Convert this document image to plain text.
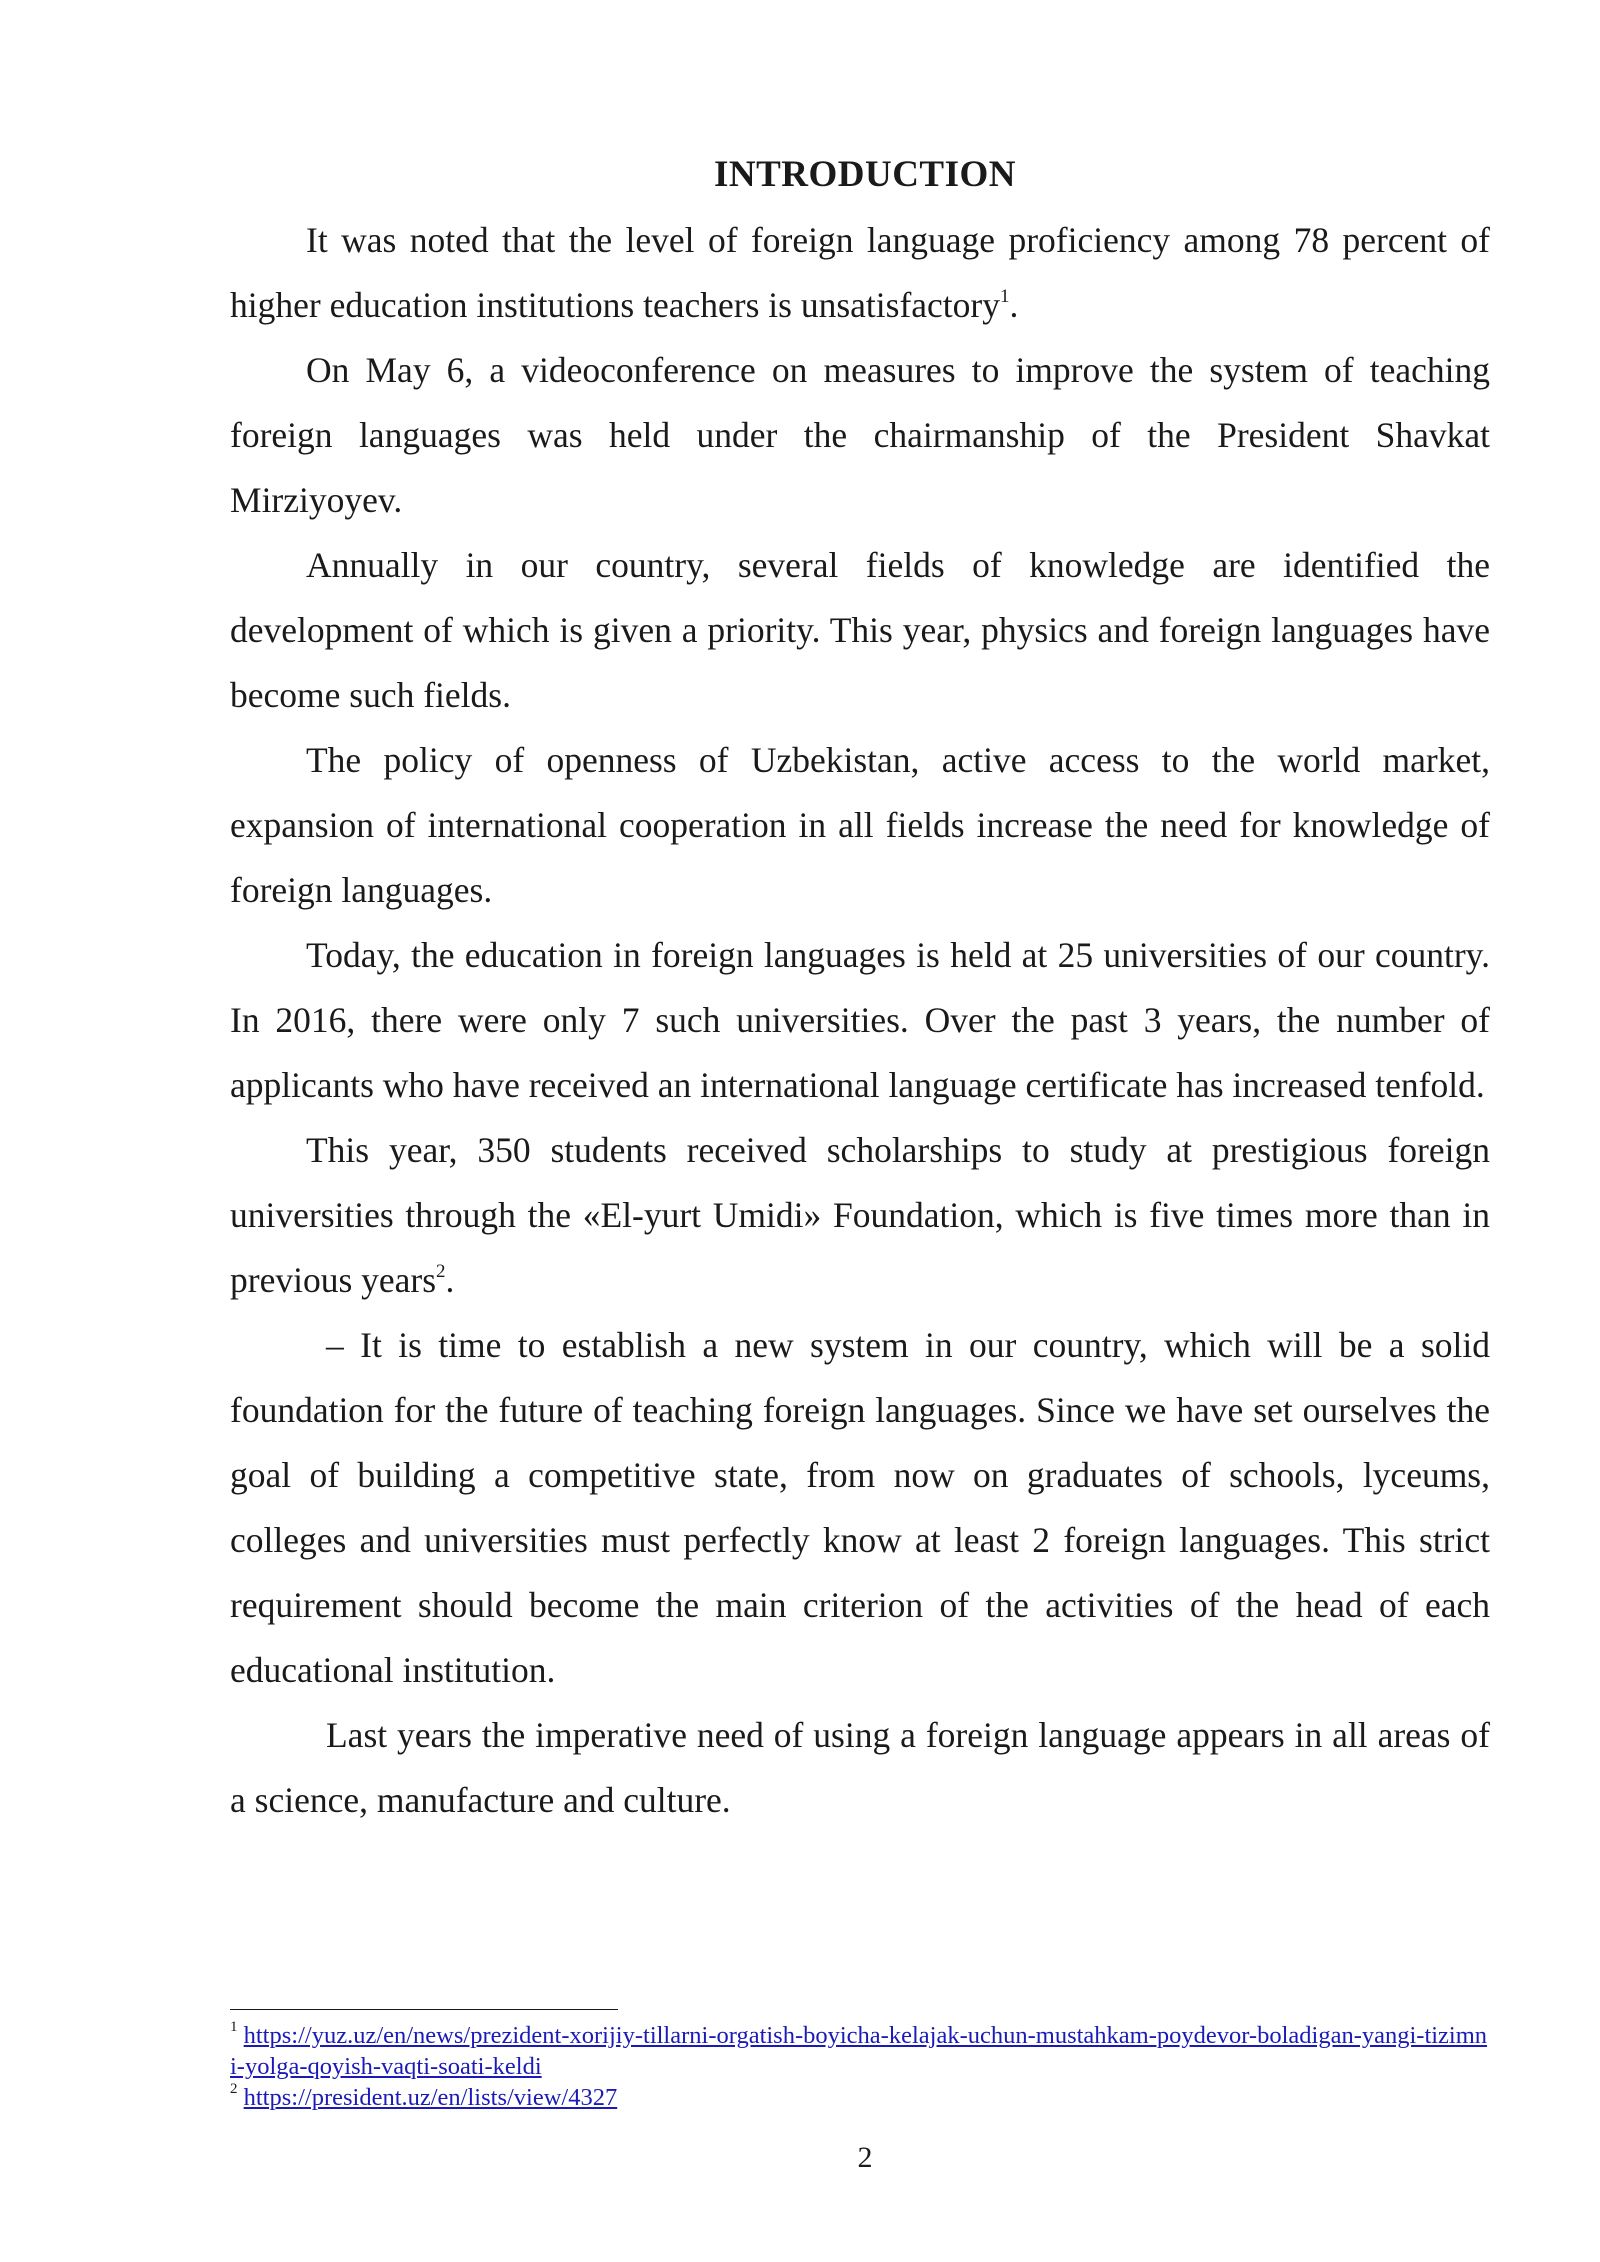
INTRODUCTION

It was noted that the level of foreign language proficiency among 78 percent of higher education institutions teachers is unsatisfactory$^1$.

On May 6, a videoconference on measures to improve the system of teaching foreign languages was held under the chairmanship of the President Shavkat Mirziyoyev.

Annually in our country, several fields of knowledge are identified the development of which is given a priority. This year, physics and foreign languages have become such fields.

The policy of openness of Uzbekistan, active access to the world market, expansion of international cooperation in all fields increase the need for knowledge of foreign languages.

Today, the education in foreign languages is held at 25 universities of our country. In 2016, there were only 7 such universities. Over the past 3 years, the number of applicants who have received an international language certificate has increased tenfold.

This year, 350 students received scholarships to study at prestigious foreign universities through the «El-yurt Umidi» Foundation, which is five times more than in previous years$^2$.

– It is time to establish a new system in our country, which will be a solid foundation for the future of teaching foreign languages. Since we have set ourselves the goal of building a competitive state, from now on graduates of schools, lyceums, colleges and universities must perfectly know at least 2 foreign languages. This strict requirement should become the main criterion of the activities of the head of each educational institution.

Last years the imperative need of using a foreign language appears in all areas of a science, manufacture and culture.

$^1$ https://yuz.uz/en/news/prezident-xorijiy-tillarni-orgatish-boyicha-kelajak-uchun-mustahkam-poydevor-boladigan-yangi-tizimni-yolga-qoyish-vaqti-soati-keldi

$^2$ https://president.uz/en/lists/view/4327

2
